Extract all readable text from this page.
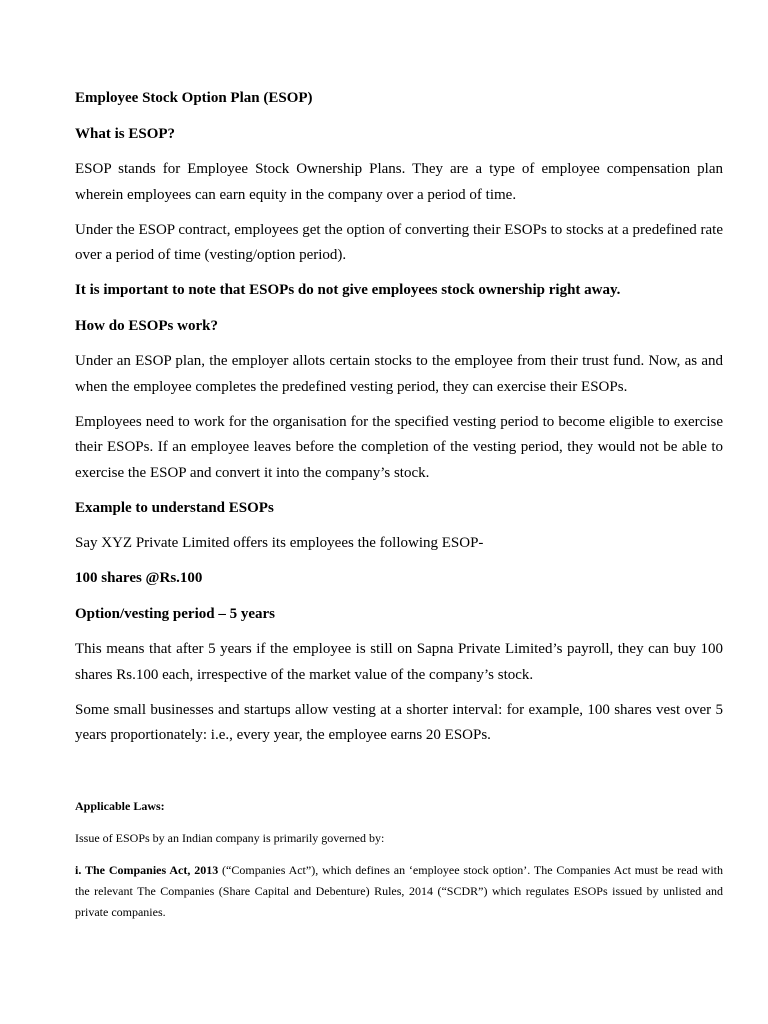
Employee Stock Option Plan (ESOP)

What is ESOP?

ESOP stands for Employee Stock Ownership Plans. They are a type of employee compensation plan wherein employees can earn equity in the company over a period of time.

Under the ESOP contract, employees get the option of converting their ESOPs to stocks at a predefined rate over a period of time (vesting/option period).

It is important to note that ESOPs do not give employees stock ownership right away.

How do ESOPs work?

Under an ESOP plan, the employer allots certain stocks to the employee from their trust fund. Now, as and when the employee completes the predefined vesting period, they can exercise their ESOPs.

Employees need to work for the organisation for the specified vesting period to become eligible to exercise their ESOPs. If an employee leaves before the completion of the vesting period, they would not be able to exercise the ESOP and convert it into the company’s stock.

Example to understand ESOPs

Say XYZ Private Limited offers its employees the following ESOP-

100 shares @Rs.100

Option/vesting period – 5 years

This means that after 5 years if the employee is still on Sapna Private Limited’s payroll, they can buy 100 shares Rs.100 each, irrespective of the market value of the company’s stock.

Some small businesses and startups allow vesting at a shorter interval: for example, 100 shares vest over 5 years proportionately: i.e., every year, the employee earns 20 ESOPs.

Applicable Laws:

Issue of ESOPs by an Indian company is primarily governed by:

i. The Companies Act, 2013 (“Companies Act”), which defines an ‘employee stock option’. The Companies Act must be read with the relevant The Companies (Share Capital and Debenture) Rules, 2014 (“SCDR”) which regulates ESOPs issued by unlisted and private companies.
